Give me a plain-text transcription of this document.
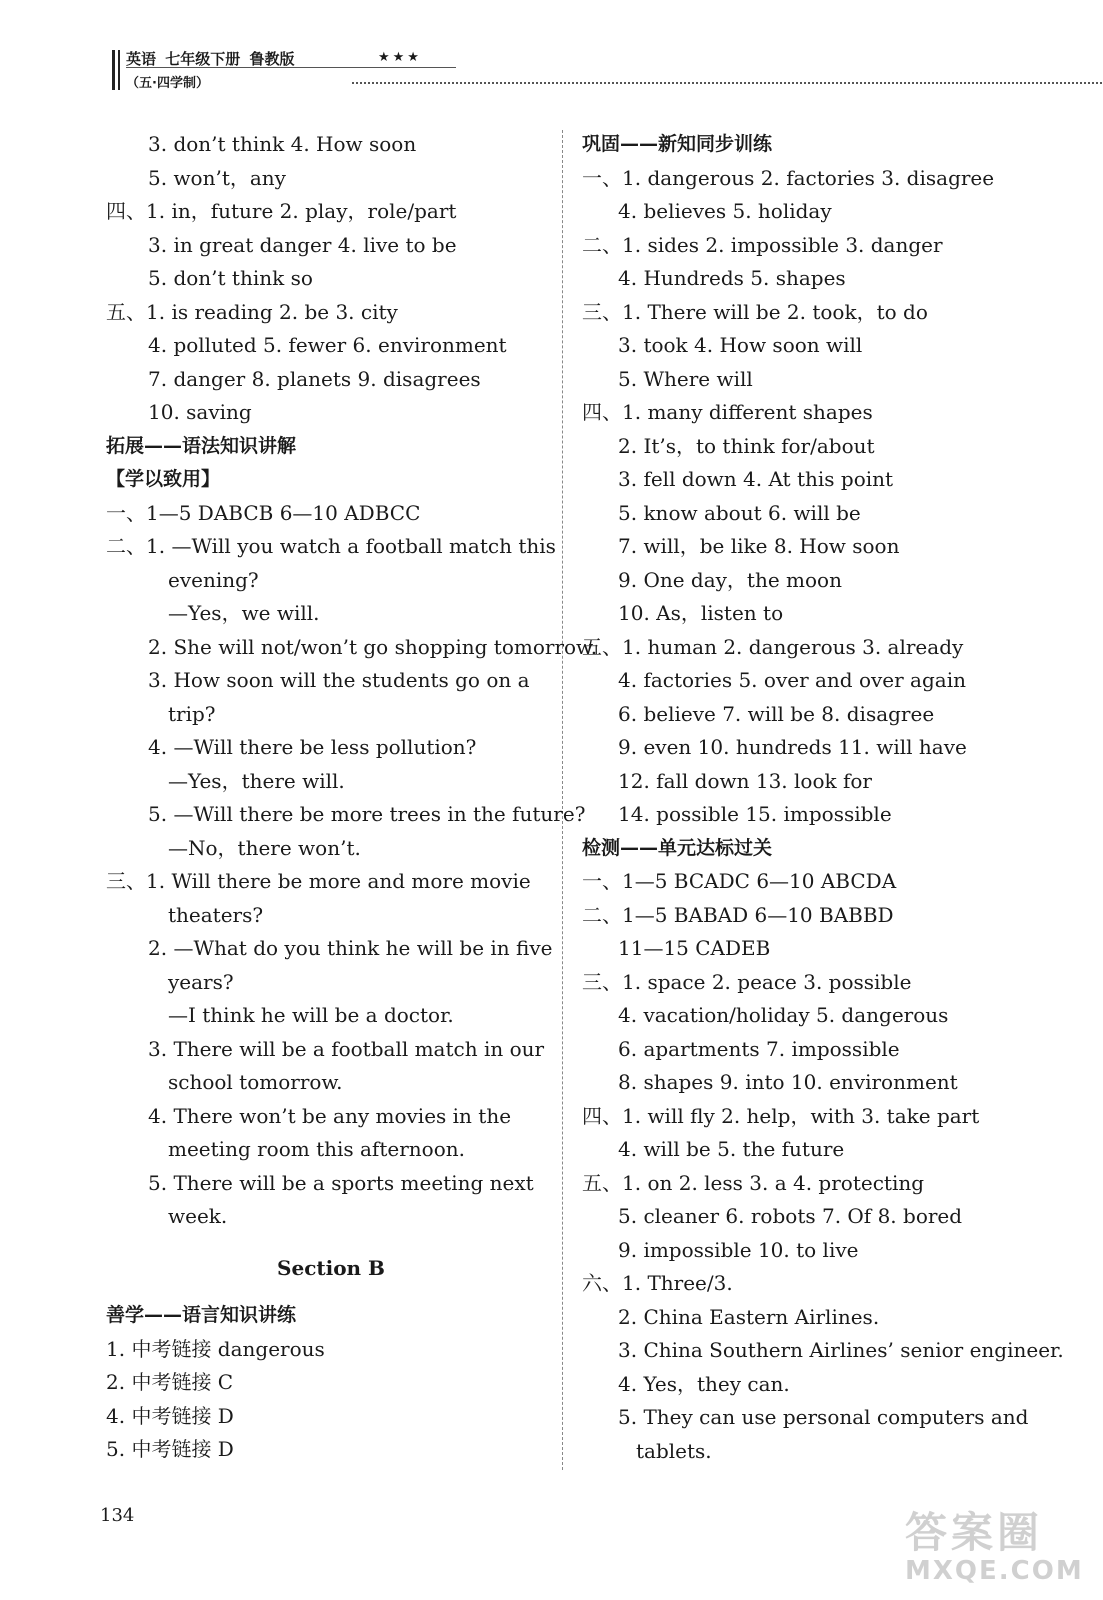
英语 七年级下册 鲁教版	★★★
（五·四学制）
3. don’t think 4. How soon
5. won’t，any
四、1. in，future 2. play，role/part
3. in great danger 4. live to be
5. don’t think so
五、1. is reading 2. be 3. city
4. polluted 5. fewer 6. environment
7. danger 8. planets 9. disagrees
10. saving
拓展——语法知识讲解
【学以致用】
一、1—5 DABCB 6—10 ADBCC
二、1. —Will you watch a football match this
evening?
—Yes，we will.
2. She will not/won’t go shopping tomorrow.
3. How soon will the students go on a
trip?
4. —Will there be less pollution?
—Yes，there will.
5. —Will there be more trees in the future?
—No，there won’t.
三、1. Will there be more and more movie
theaters?
2. —What do you think he will be in five
years?
—I think he will be a doctor.
3. There will be a football match in our
school tomorrow.
4. There won’t be any movies in the
meeting room this afternoon.
5. There will be a sports meeting next
week.
Section B
善学——语言知识讲练
1. 中考链接 dangerous
2. 中考链接 C
4. 中考链接 D
5. 中考链接 D
巩固——新知同步训练
一、1. dangerous 2. factories 3. disagree
4. believes 5. holiday
二、1. sides 2. impossible 3. danger
4. Hundreds 5. shapes
三、1. There will be 2. took，to do
3. took 4. How soon will
5. Where will
四、1. many different shapes
2. It’s，to think for/about
3. fell down 4. At this point
5. know about 6. will be
7. will，be like 8. How soon
9. One day，the moon
10. As，listen to
五、1. human 2. dangerous 3. already
4. factories 5. over and over again
6. believe 7. will be 8. disagree
9. even 10. hundreds 11. will have
12. fall down 13. look for
14. possible 15. impossible
检测——单元达标过关
一、1—5 BCADC 6—10 ABCDA
二、1—5 BABAD 6—10 BABBD
11—15 CADEB
三、1. space 2. peace 3. possible
4. vacation/holiday 5. dangerous
6. apartments 7. impossible
8. shapes 9. into 10. environment
四、1. will fly 2. help，with 3. take part
4. will be 5. the future
五、1. on 2. less 3. a 4. protecting
5. cleaner 6. robots 7. Of 8. bored
9. impossible 10. to live
六、1. Three/3.
2. China Eastern Airlines.
3. China Southern Airlines’ senior engineer.
4. Yes，they can.
5. They can use personal computers and
tablets.
134	答案圈
MXQE.COM
